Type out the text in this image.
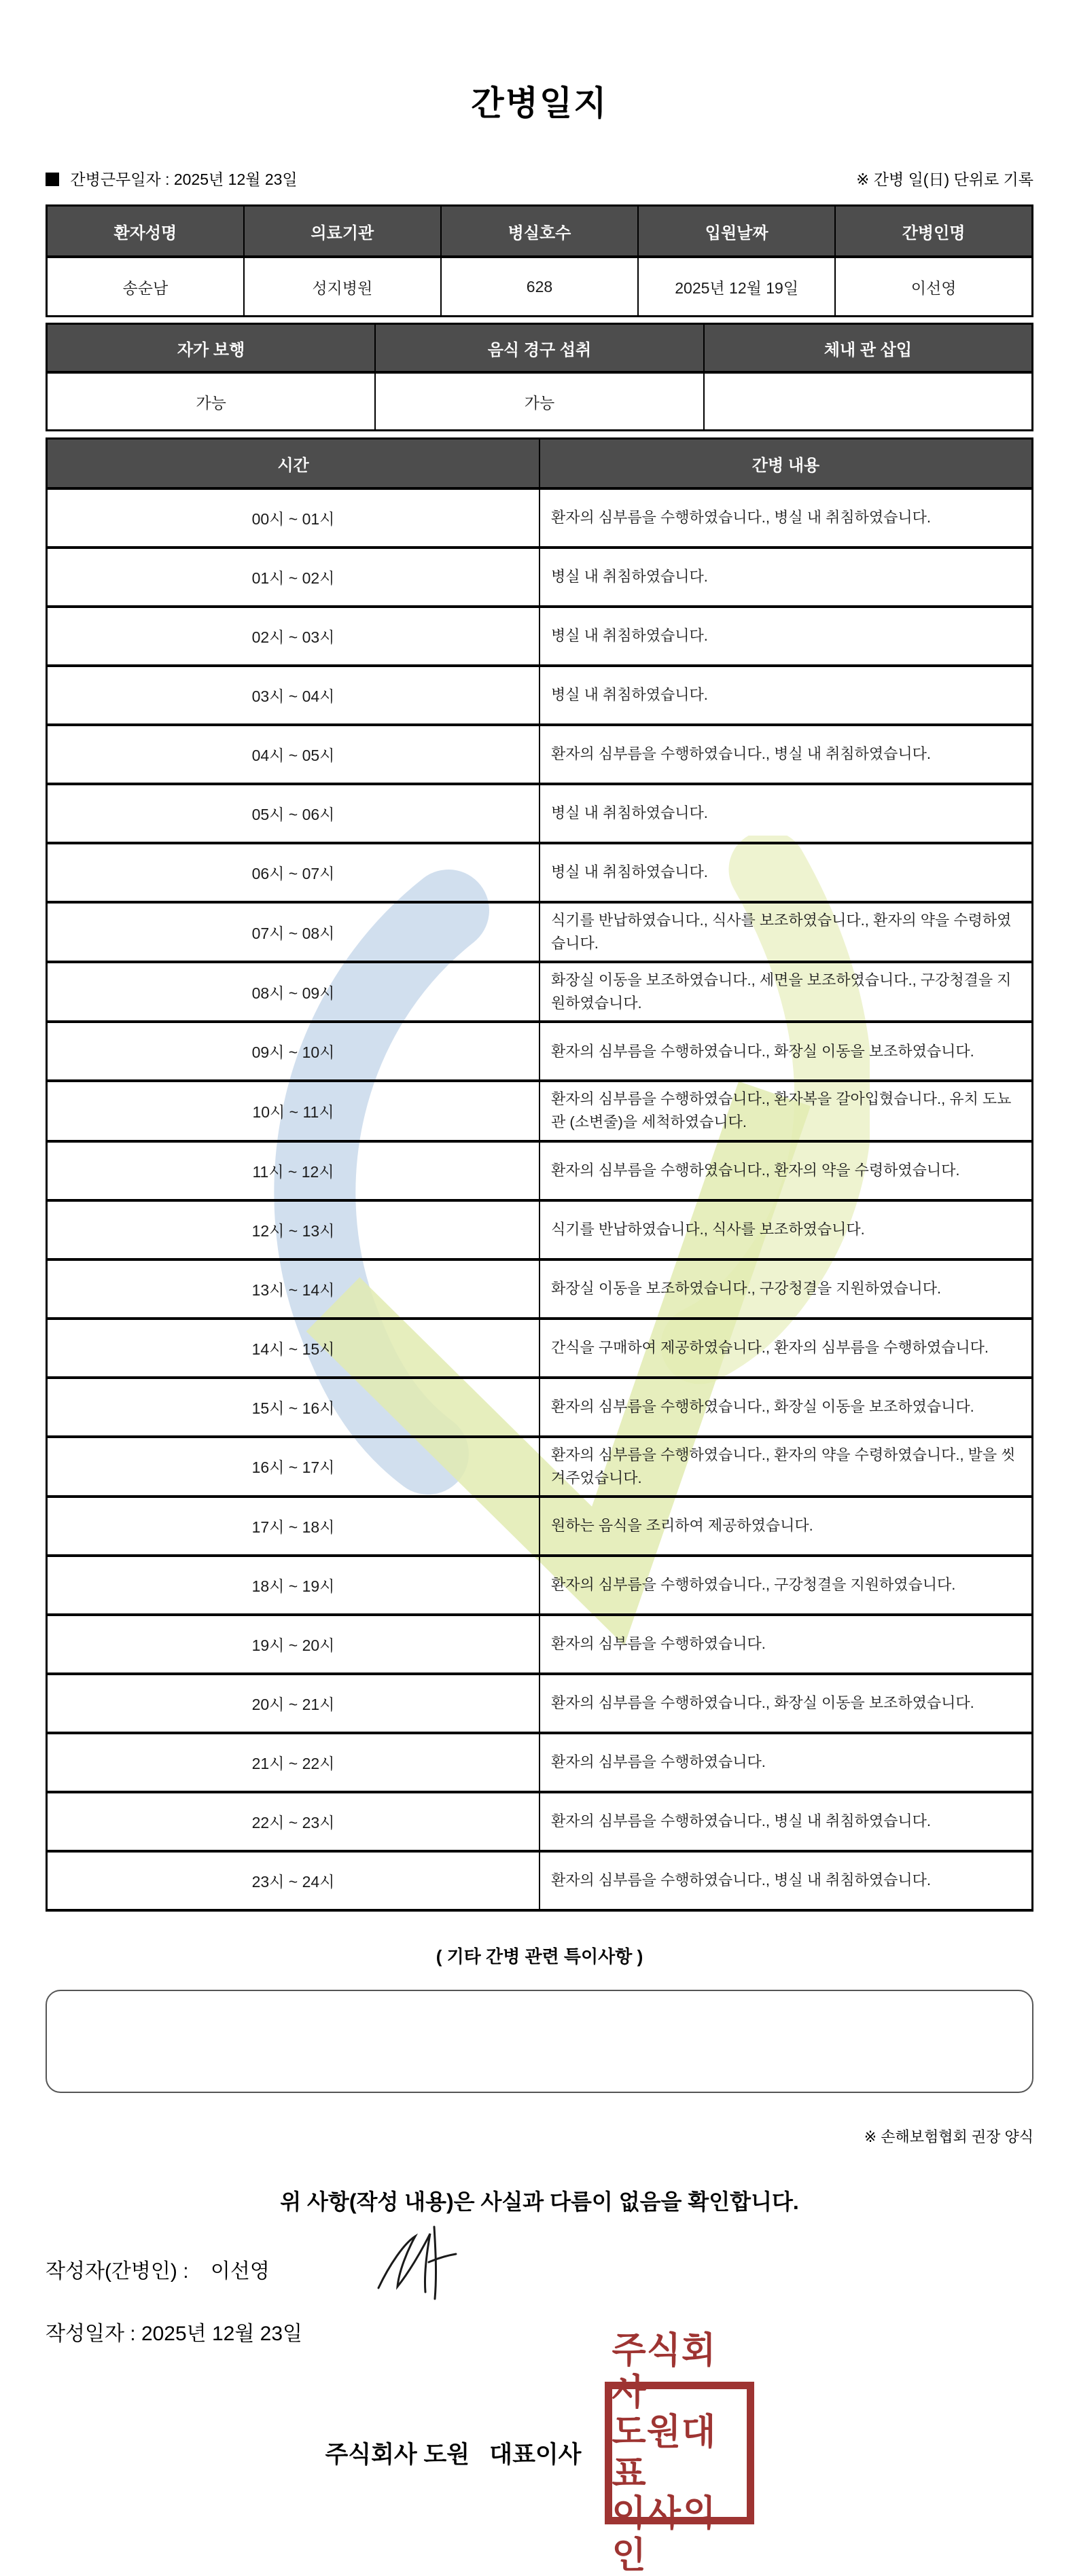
간병일지
간병근무일자 : 2025년 12월 23일	※ 간병 일(日) 단위로 기록
환자성명	의료기관	병실호수	입원날짜	간병인명
송순남	성지병원	628	2025년 12월 19일	이선영
자가 보행	음식 경구 섭취	체내 관 삽입
가능	가능	
시간	간병 내용
00시 ~ 01시	환자의 심부름을 수행하였습니다., 병실 내 취침하였습니다.
01시 ~ 02시	병실 내 취침하였습니다.
02시 ~ 03시	병실 내 취침하였습니다.
03시 ~ 04시	병실 내 취침하였습니다.
04시 ~ 05시	환자의 심부름을 수행하였습니다., 병실 내 취침하였습니다.
05시 ~ 06시	병실 내 취침하였습니다.
06시 ~ 07시	병실 내 취침하였습니다.
07시 ~ 08시	식기를 반납하였습니다., 식사를 보조하였습니다., 환자의 약을 수령하였습니다.
08시 ~ 09시	화장실 이동을 보조하였습니다., 세면을 보조하였습니다., 구강청결을 지원하였습니다.
09시 ~ 10시	환자의 심부름을 수행하였습니다., 화장실 이동을 보조하였습니다.
10시 ~ 11시	환자의 심부름을 수행하였습니다., 환자복을 갈아입혔습니다., 유치 도뇨관 (소변줄)을 세척하였습니다.
11시 ~ 12시	환자의 심부름을 수행하였습니다., 환자의 약을 수령하였습니다.
12시 ~ 13시	식기를 반납하였습니다., 식사를 보조하였습니다.
13시 ~ 14시	화장실 이동을 보조하였습니다., 구강청결을 지원하였습니다.
14시 ~ 15시	간식을 구매하여 제공하였습니다., 환자의 심부름을 수행하였습니다.
15시 ~ 16시	환자의 심부름을 수행하였습니다., 화장실 이동을 보조하였습니다.
16시 ~ 17시	환자의 심부름을 수행하였습니다., 환자의 약을 수령하였습니다., 발을 씻겨주었습니다.
17시 ~ 18시	원하는 음식을 조리하여 제공하였습니다.
18시 ~ 19시	환자의 심부름을 수행하였습니다., 구강청결을 지원하였습니다.
19시 ~ 20시	환자의 심부름을 수행하였습니다.
20시 ~ 21시	환자의 심부름을 수행하였습니다., 화장실 이동을 보조하였습니다.
21시 ~ 22시	환자의 심부름을 수행하였습니다.
22시 ~ 23시	환자의 심부름을 수행하였습니다., 병실 내 취침하였습니다.
23시 ~ 24시	환자의 심부름을 수행하였습니다., 병실 내 취침하였습니다.
( 기타 간병 관련 특이사항 )
※ 손해보험협회 권장 양식
위 사항(작성 내용)은 사실과 다름이 없음을 확인합니다.
작성자(간병인) : 이선영
작성일자 : 2025년 12월 23일
주식회사 도원   대표이사
주식회사
도원대표
이사의인
